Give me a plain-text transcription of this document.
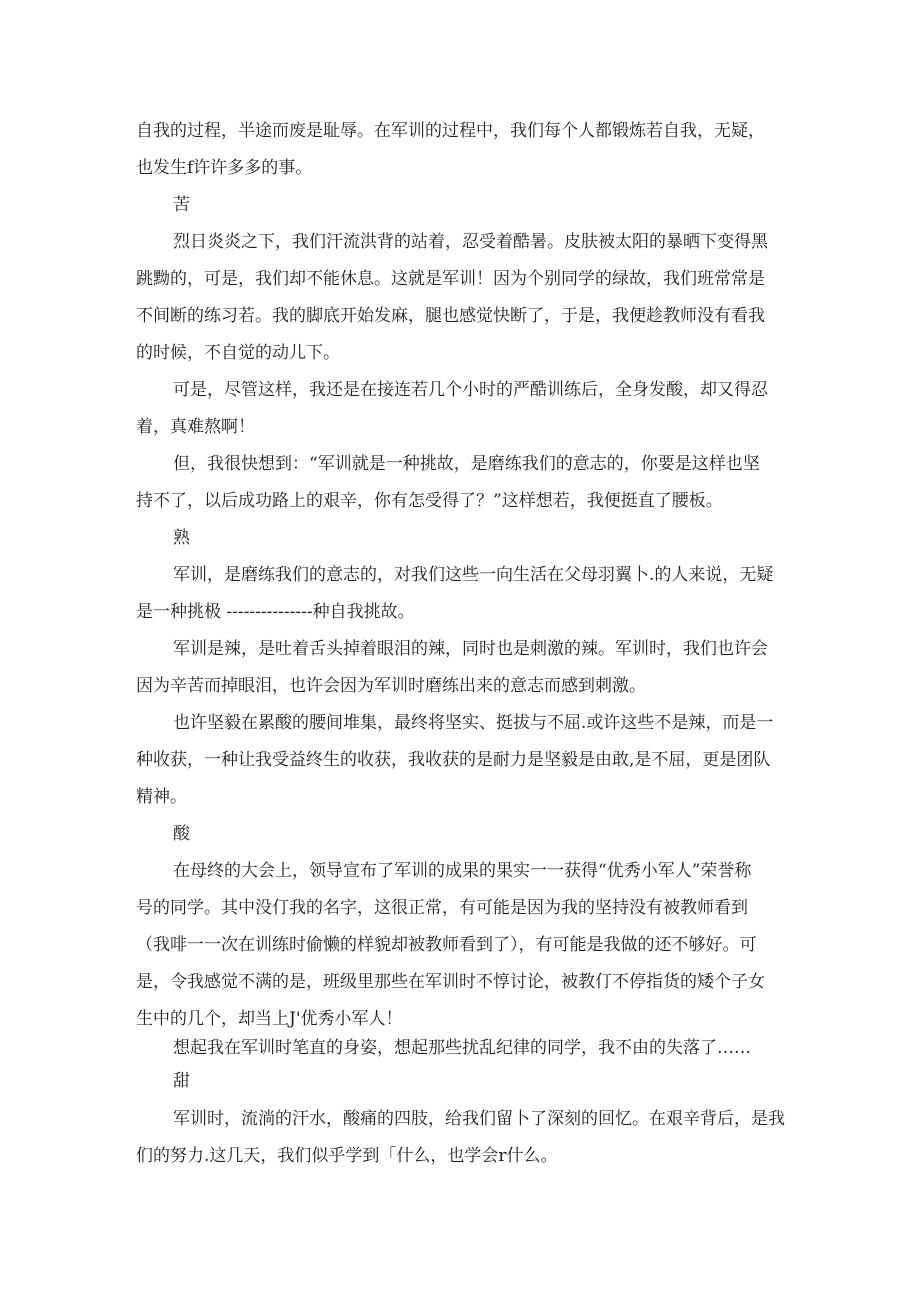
自我的过程，半途而废是耻辱。在军训的过程中，我们每个人都锻炼若自我，无疑，

也发生f许许多多的事。

苦

烈日炎炎之下，我们汗流洪背的站着，忍受着酷暑。皮肤被太阳的暴晒下变得黑

跳黝的，可是，我们却不能休息。这就是军训！因为个别同学的绿故，我们班常常是

不间断的练习若。我的脚底开始发麻，腿也感觉快断了，于是，我便趁教师没有看我

的时候，不自觉的动儿下。

可是，尽管这样，我还是在接连若几个小时的严酷训练后，全身发酸，却又得忍

着，真难熬啊！

但，我很快想到：“军训就是一种挑故，是磨练我们的意志的，你要是这样也坚

持不了，以后成功路上的艰辛，你有怎受得了？”这样想若，我便挺直了腰板。

熟

军训，是磨练我们的意志的，对我们这些一向生活在父母羽翼卜.的人来说，无疑

是一种挑极 ---------------种自我挑故。

军训是辣，是吐着舌头掉着眼泪的辣，同时也是刺激的辣。军训时，我们也许会

因为辛苦而掉眼泪，也许会因为军训时磨练出来的意志而感到刺激。

也许坚毅在累酸的腰间堆集，最终将坚实、挺拔与不屈.或许这些不是辣，而是一

种收获，一种让我受益终生的收获，我收获的是耐力是坚毅是由敢,是不屈，更是团队

精神。

酸

在母终的大会上，领导宣布了军训的成果的果实一一获得“优秀小军人”荣誉称

号的同学。其中没仃我的名字，这很正常，有可能是因为我的坚持没有被教师看到

（我啡一一次在训练时偷懒的样貌却被教师看到了），有可能是我做的还不够好。可

是，令我感觉不满的是，班级里那些在军训时不惇讨论，被教仃不停指货的矮个子女

生中的几个，却当上J'优秀小军人！

想起我在军训时笔直的身姿，想起那些扰乱纪律的同学，我不由的失落了……

甜

军训时，流淌的汗水，酸痛的四肢，给我们留卜了深刻的回忆。在艰辛背后，是我

们的努力.这几天，我们似乎学到「什么，也学会r什么。
